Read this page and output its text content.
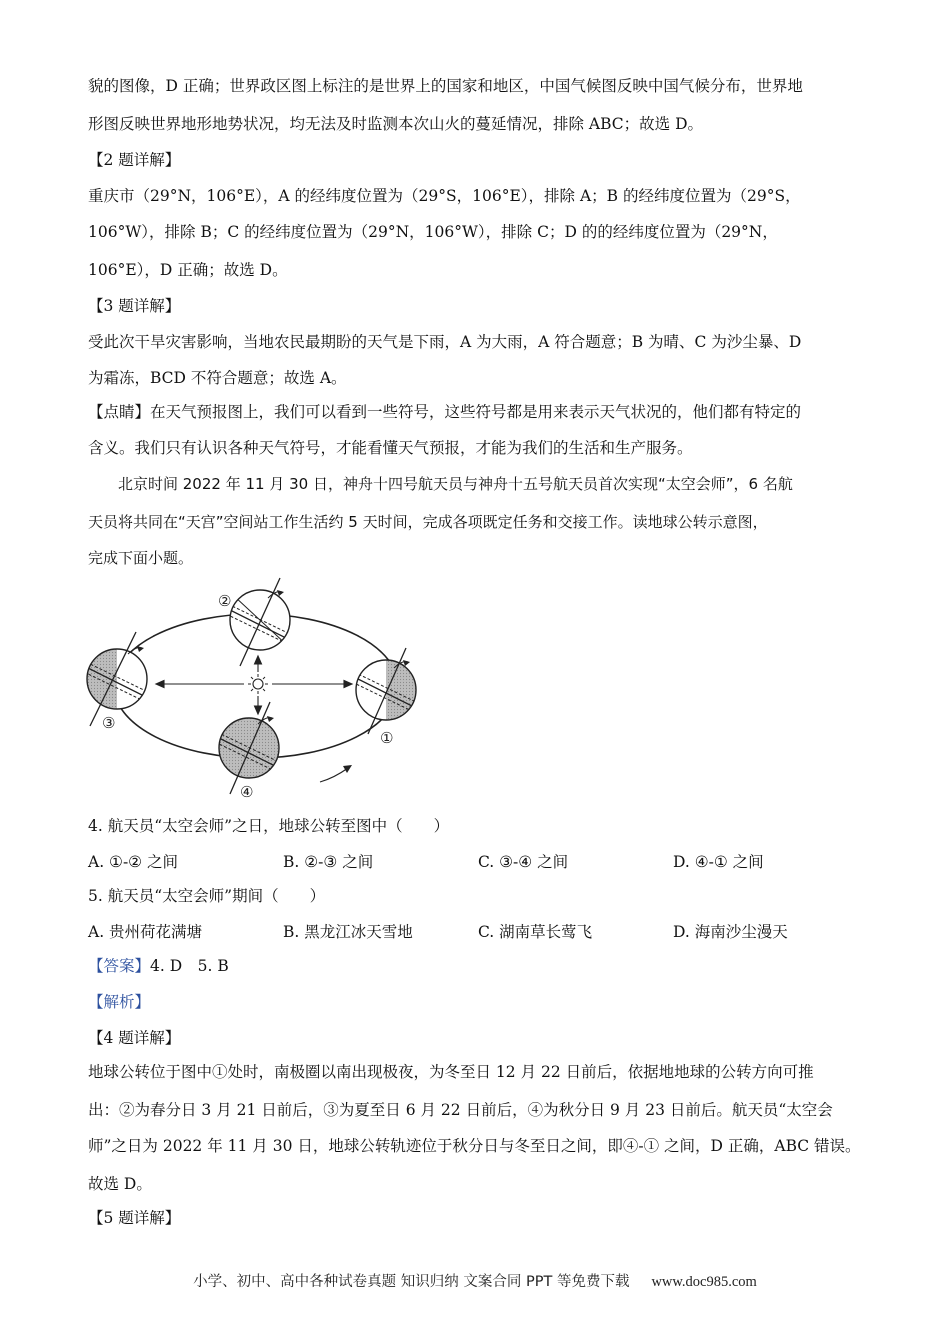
貌的图像，D 正确；世界政区图上标注的是世界上的国家和地区，中国气候图反映中国气候分布，世界地
形图反映世界地形地势状况，均无法及时监测本次山火的蔓延情况，排除 ABC；故选 D。
【2 题详解】
重庆市（29°N，106°E），A 的经纬度位置为（29°S，106°E），排除 A；B 的经纬度位置为（29°S，
106°W），排除 B；C 的经纬度位置为（29°N，106°W），排除 C；D 的的经纬度位置为（29°N，
106°E），D 正确；故选 D。
【3 题详解】
受此次干旱灾害影响，当地农民最期盼的天气是下雨，A 为大雨，A 符合题意；B 为晴、C 为沙尘暴、D
为霜冻，BCD 不符合题意；故选 A。
【点睛】在天气预报图上，我们可以看到一些符号，这些符号都是用来表示天气状况的，他们都有特定的
含义。我们只有认识各种天气符号，才能看懂天气预报，才能为我们的生活和生产服务。
北京时间 2022 年 11 月 30 日，神舟十四号航天员与神舟十五号航天员首次实现“太空会师”，6 名航
天员将共同在“天宫”空间站工作生活约 5 天时间，完成各项既定任务和交接工作。读地球公转示意图，
完成下面小题。
①
②
③
④
4. 航天员“太空会师”之日，地球公转至图中（　　）
A. ①-② 之间	B. ②-③ 之间	C. ③-④ 之间	D. ④-① 之间
5. 航天员“太空会师”期间（　　）
A. 贵州荷花满塘	B. 黑龙江冰天雪地	C. 湖南草长莺飞	D. 海南沙尘漫天
【答案】4. D　5. B
【解析】
【4 题详解】
地球公转位于图中①处时，南极圈以南出现极夜，为冬至日 12 月 22 日前后，依据地地球的公转方向可推
出：②为春分日 3 月 21 日前后，③为夏至日 6 月 22 日前后，④为秋分日 9 月 23 日前后。航天员“太空会
师”之日为 2022 年 11 月 30 日，地球公转轨迹位于秋分日与冬至日之间，即④-① 之间，D 正确，ABC 错误。
故选 D。
【5 题详解】
小学、初中、高中各种试卷真题 知识归纳 文案合同 PPT 等免费下载 www.doc985.com
